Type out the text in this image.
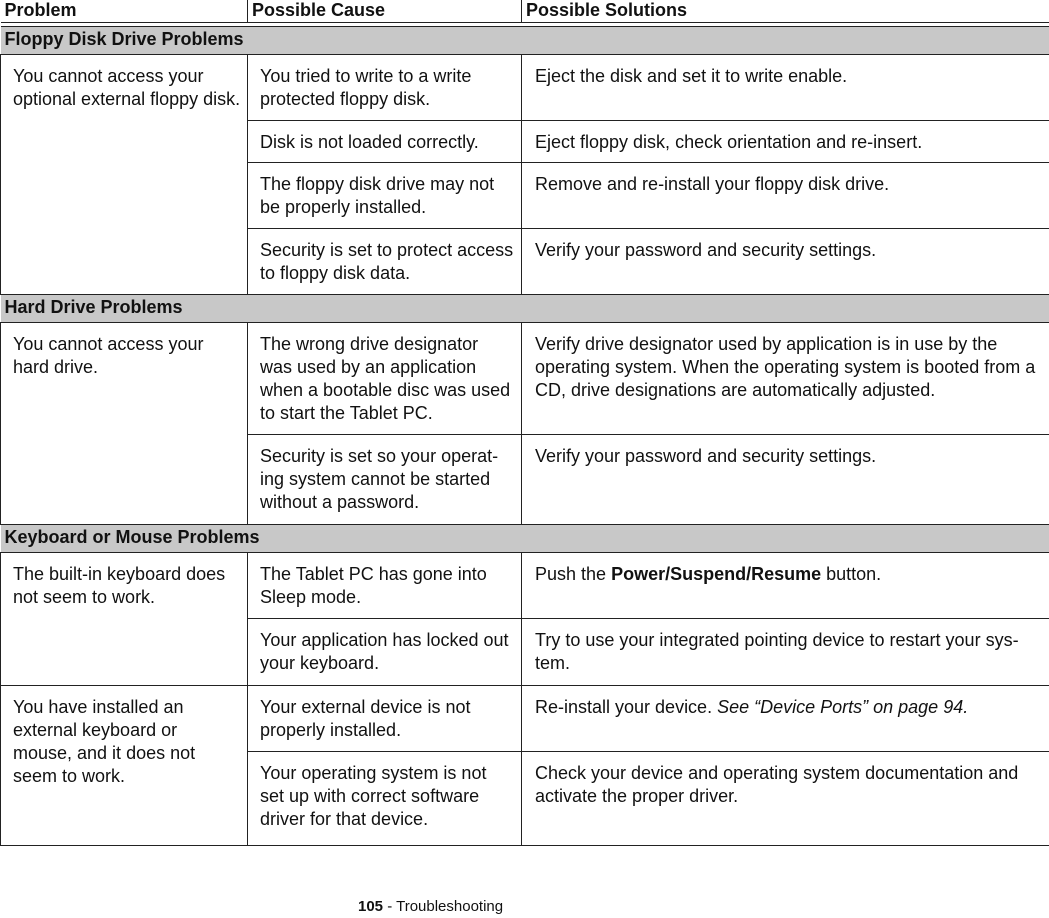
Problem	Possible Cause	Possible Solutions

Floppy Disk Drive Problems		
You cannot access your optional external floppy disk.	You tried to write to a write protected floppy disk.	Eject the disk and set it to write enable.
	Disk is not loaded correctly.	Eject floppy disk, check orientation and re-insert.
	The floppy disk drive may not be properly installed.	Remove and re-install your floppy disk drive.
	Security is set to protect access to floppy disk data.	Verify your password and security settings.
Hard Drive Problems		
You cannot access your hard drive.	The wrong drive designator was used by an application when a bootable disc was used to start the Tablet PC.	Verify drive designator used by application is in use by the operating system. When the operating system is booted from a CD, drive designations are automatically adjusted.
	Security is set so your operat-ing system cannot be started without a password.	Verify your password and security settings.
Keyboard or Mouse Problems		
The built-in keyboard does not seem to work.	The Tablet PC has gone into Sleep mode.	Push the Power/Suspend/Resume button.
	Your application has locked out your keyboard.	Try to use your integrated pointing device to restart your sys-tem.
You have installed an external keyboard or mouse, and it does not seem to work.	Your external device is not properly installed.	Re-install your device. See “Device Ports” on page 94.
	Your operating system is not set up with correct software driver for that device.	Check your device and operating system documentation and activate the proper driver.
105 - Troubleshooting
